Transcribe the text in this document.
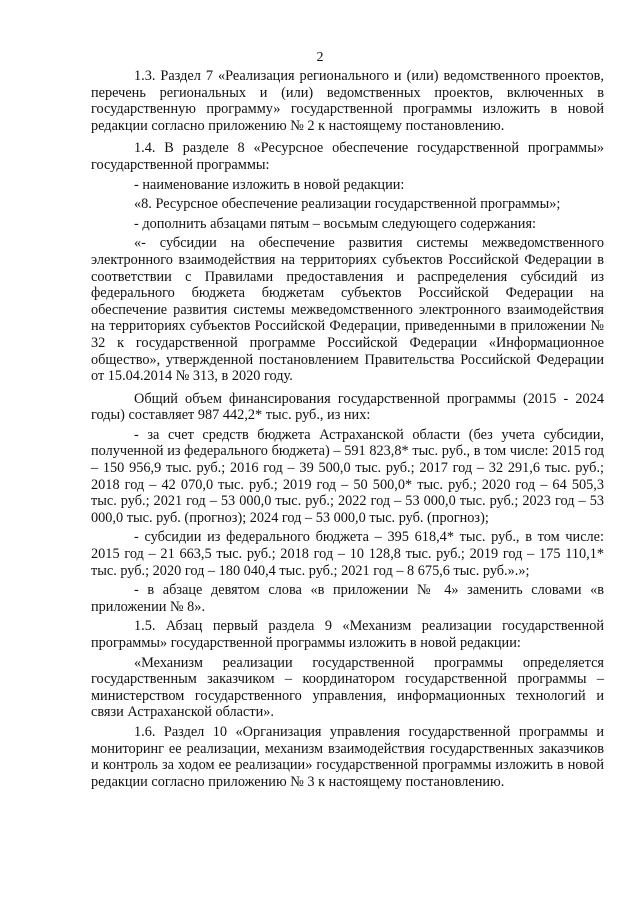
2

1.3. Раздел 7 «Реализация регионального и (или) ведомственного проектов, перечень региональных и (или) ведомственных проектов, включенных в государственную программу» государственной программы изложить в новой редакции согласно приложению № 2 к настоящему постановлению.

1.4. В разделе 8 «Ресурсное обеспечение государственной программы» государственной программы:

- наименование изложить в новой редакции:

«8. Ресурсное обеспечение реализации государственной программы»;

- дополнить абзацами пятым – восьмым следующего содержания:

«- субсидии на обеспечение развития системы межведомственного электронного взаимодействия на территориях субъектов Российской Федерации в соответствии с Правилами предоставления и распределения субсидий из федерального бюджета бюджетам субъектов Российской Федерации на обеспечение развития системы межведомственного электронного взаимодействия на территориях субъектов Российской Федерации, приведенными в приложении № 32 к государственной программе Российской Федерации «Информационное общество», утвержденной постановлением Правительства Российской Федерации от 15.04.2014 № 313, в 2020 году.

Общий объем финансирования государственной программы (2015 - 2024 годы) составляет 987 442,2* тыс. руб., из них:

- за счет средств бюджета Астраханской области (без учета субсидии, полученной из федерального бюджета) – 591 823,8* тыс. руб., в том числе: 2015 год – 150 956,9 тыс. руб.; 2016 год – 39 500,0 тыс. руб.; 2017 год – 32 291,6 тыс. руб.; 2018 год – 42 070,0 тыс. руб.; 2019 год – 50 500,0* тыс. руб.; 2020 год – 64 505,3 тыс. руб.; 2021 год – 53 000,0 тыс. руб.; 2022 год – 53 000,0 тыс. руб.; 2023 год – 53 000,0 тыс. руб. (прогноз); 2024 год – 53 000,0 тыс. руб. (прогноз);

- субсидии из федерального бюджета – 395 618,4* тыс. руб., в том числе: 2015 год – 21 663,5 тыс. руб.; 2018 год – 10 128,8 тыс. руб.; 2019 год – 175 110,1* тыс. руб.; 2020 год – 180 040,4 тыс. руб.; 2021 год – 8 675,6 тыс. руб.».»;

- в абзаце девятом слова «в приложении № 4» заменить словами «в приложении № 8».

1.5. Абзац первый раздела 9 «Механизм реализации государственной программы» государственной программы изложить в новой редакции:

«Механизм реализации государственной программы определяется государственным заказчиком – координатором государственной программы – министерством государственного управления, информационных технологий и связи Астраханской области».

1.6. Раздел 10 «Организация управления государственной программы и мониторинг ее реализации, механизм взаимодействия государственных заказчиков и контроль за ходом ее реализации» государственной программы изложить в новой редакции согласно приложению № 3 к настоящему постановлению.
